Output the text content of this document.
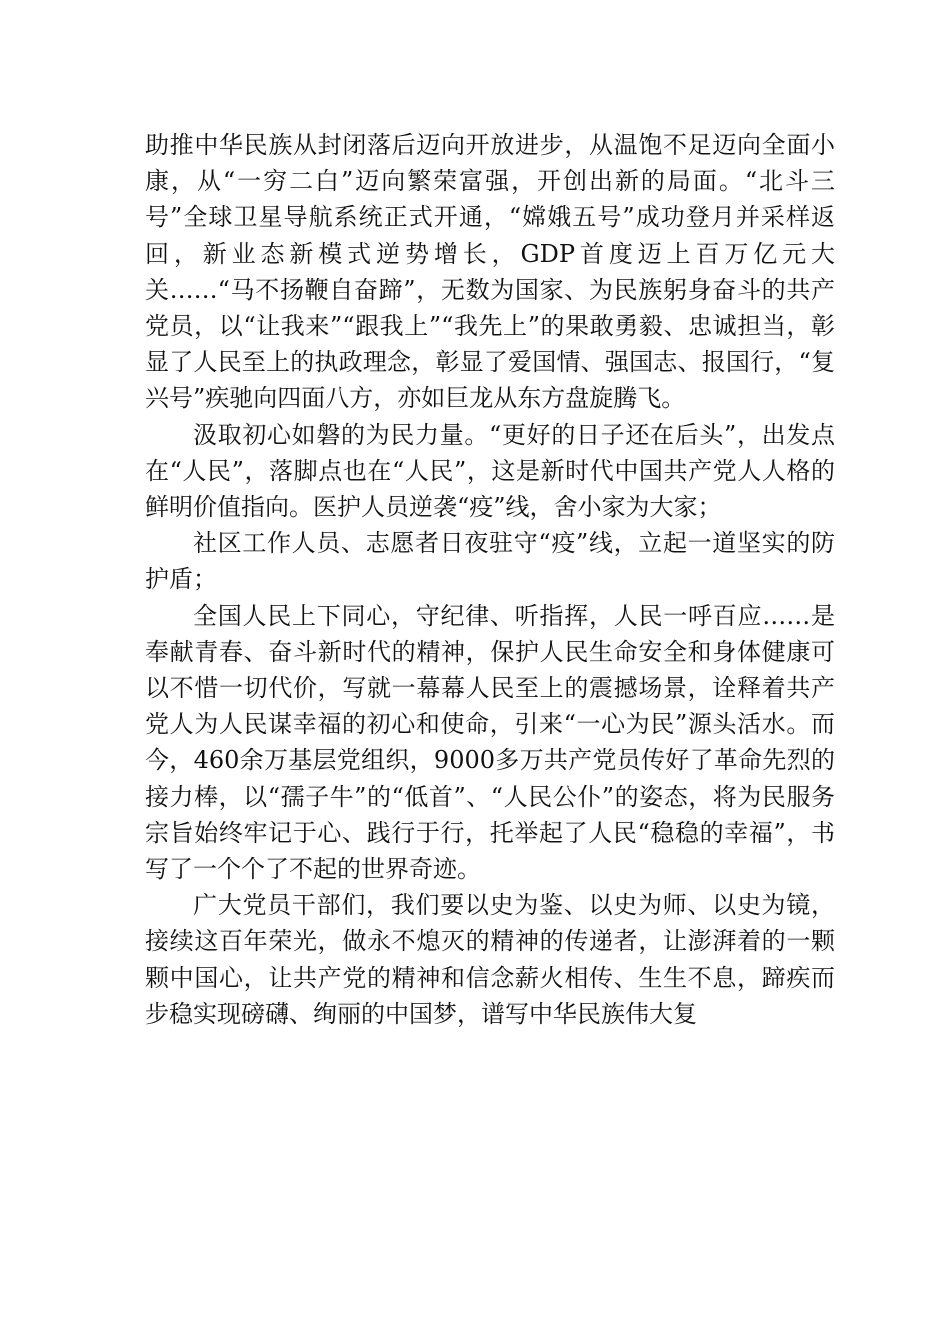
助推中华民族从封闭落后迈向开放进步，从温饱不足迈向全面小康，从“一穷二白”迈向繁荣富强，开创出新的局面。“北斗三号”全球卫星导航系统正式开通，“嫦娥五号”成功登月并采样返回，新业态新模式逆势增长，GDP首度迈上百万亿元大关……“马不扬鞭自奋蹄”，无数为国家、为民族躬身奋斗的共产党员，以“让我来”“跟我上”“我先上”的果敢勇毅、忠诚担当，彰显了人民至上的执政理念，彰显了爱国情、强国志、报国行，“复兴号”疾驰向四面八方，亦如巨龙从东方盘旋腾飞。

汲取初心如磐的为民力量。“更好的日子还在后头”，出发点在“人民”，落脚点也在“人民”，这是新时代中国共产党人人格的鲜明价值指向。医护人员逆袭“疫”线，舍小家为大家；

社区工作人员、志愿者日夜驻守“疫”线，立起一道坚实的防护盾；

全国人民上下同心，守纪律、听指挥，人民一呼百应……是奉献青春、奋斗新时代的精神，保护人民生命安全和身体健康可以不惜一切代价，写就一幕幕人民至上的震撼场景，诠释着共产党人为人民谋幸福的初心和使命，引来“一心为民”源头活水。而今，460余万基层党组织，9000多万共产党员传好了革命先烈的接力棒，以“孺子牛”的“低首”、“人民公仆”的姿态，将为民服务宗旨始终牢记于心、践行于行，托举起了人民“稳稳的幸福”，书写了一个个了不起的世界奇迹。

广大党员干部们，我们要以史为鉴、以史为师、以史为镜，接续这百年荣光，做永不熄灭的精神的传递者，让澎湃着的一颗颗中国心，让共产党的精神和信念薪火相传、生生不息，蹄疾而步稳实现磅礴、绚丽的中国梦，谱写中华民族伟大复
